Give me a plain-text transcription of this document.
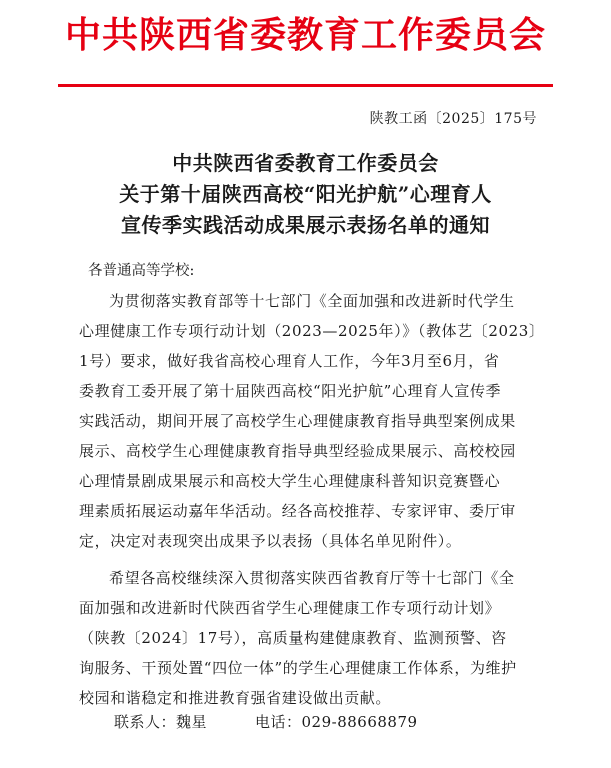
中共陕西省委教育工作委员会
陕教工函〔2025〕175号
中共陕西省委教育工作委员会
关于第十届陕西高校“阳光护航”心理育人
宣传季实践活动成果展示表扬名单的通知
各普通高等学校:
为贯彻落实教育部等十七部门《全面加强和改进新时代学生
心理健康工作专项行动计划（2023—2025年）》（教体艺〔2023〕
1号）要求，做好我省高校心理育人工作，今年3月至6月，省
委教育工委开展了第十届陕西高校“阳光护航”心理育人宣传季
实践活动，期间开展了高校学生心理健康教育指导典型案例成果
展示、高校学生心理健康教育指导典型经验成果展示、高校校园
心理情景剧成果展示和高校大学生心理健康科普知识竞赛暨心
理素质拓展运动嘉年华活动。经各高校推荐、专家评审、委厅审
定，决定对表现突出成果予以表扬（具体名单见附件）。
希望各高校继续深入贯彻落实陕西省教育厅等十七部门《全
面加强和改进新时代陕西省学生心理健康工作专项行动计划》
（陕教〔2024〕17号），高质量构建健康教育、监测预警、咨
询服务、干预处置“四位一体”的学生心理健康工作体系，为维护
校园和谐稳定和推进教育强省建设做出贡献。
联系人：魏星	电话：029-88668879
